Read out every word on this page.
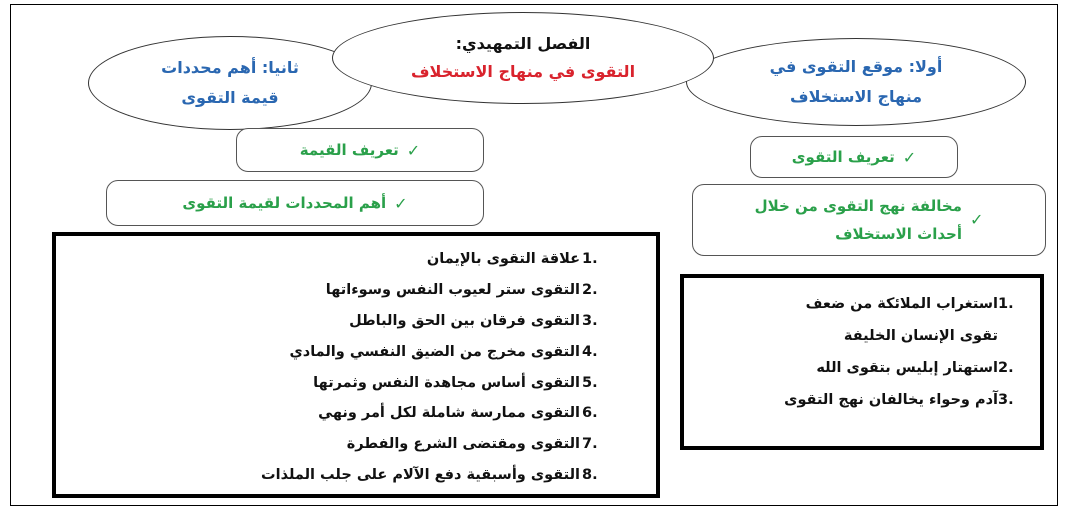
أولا: موقع التقوى في
منهاج الاستخلاف
ثانيا: أهم محددات
قيمة التقوى
الفصل التمهيدي:
التقوى في منهاج الاستخلاف
✓
تعريف القيمة
✓
أهم المحددات لقيمة التقوى
✓
تعريف التقوى
✓
مخالفة نهج التقوى من خلال
أحداث الاستخلاف
1.
علاقة التقوى بالإيمان
2.
التقوى ستر لعيوب النفس وسوءاتها
3.
التقوى فرقان بين الحق والباطل
4.
التقوى مخرج من الضيق النفسي والمادي
5.
التقوى أساس مجاهدة النفس وثمرتها
6.
التقوى ممارسة شاملة لكل أمر ونهي
7.
التقوى ومقتضى الشرع والفطرة
8.
التقوى وأسبقية دفع الآلام على جلب الملذات
1.
استغراب الملائكة من ضعف
تقوى الإنسان الخليفة
2.
استهتار إبليس بتقوى الله
3.
آدم وحواء يخالفان نهج التقوى
